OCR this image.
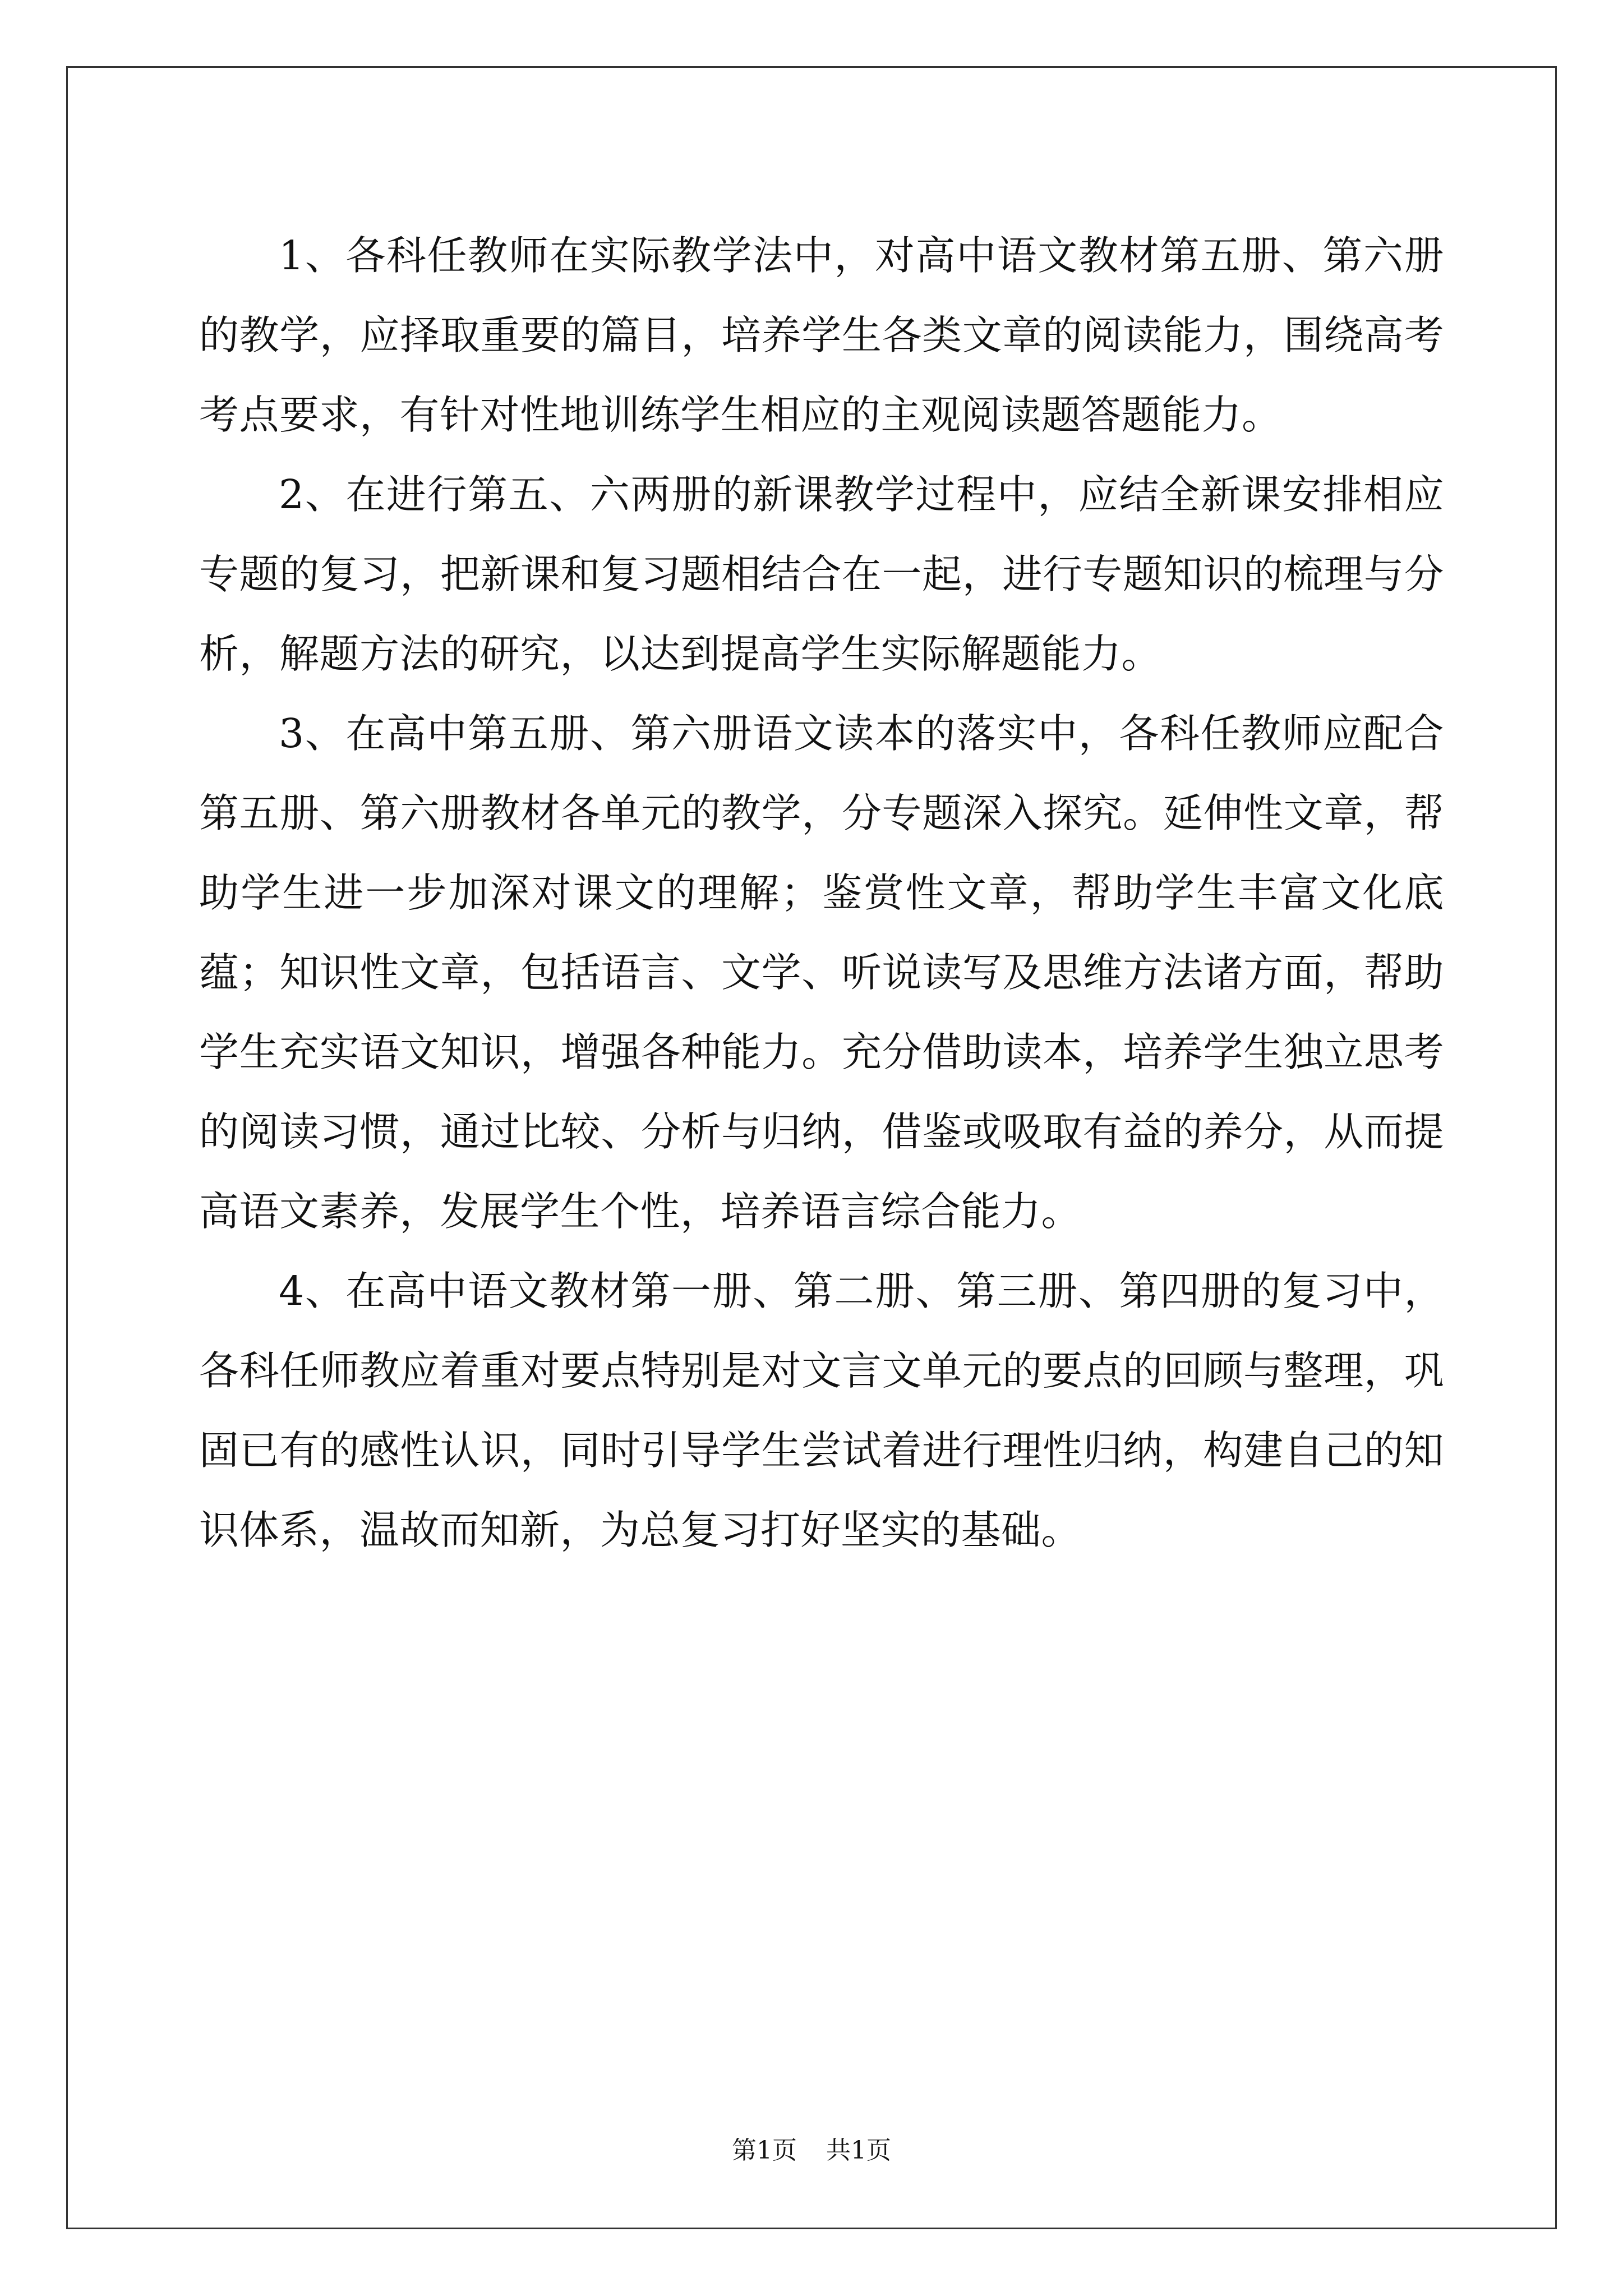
1、各科任教师在实际教学法中，对高中语文教材第五册、第六册的教学，应择取重要的篇目，培养学生各类文章的阅读能力，围绕高考考点要求，有针对性地训练学生相应的主观阅读题答题能力。

2、在进行第五、六两册的新课教学过程中，应结全新课安排相应专题的复习，把新课和复习题相结合在一起，进行专题知识的梳理与分析，解题方法的研究，以达到提高学生实际解题能力。

3、在高中第五册、第六册语文读本的落实中，各科任教师应配合第五册、第六册教材各单元的教学，分专题深入探究。延伸性文章，帮助学生进一步加深对课文的理解；鉴赏性文章，帮助学生丰富文化底蕴；知识性文章，包括语言、文学、听说读写及思维方法诸方面，帮助学生充实语文知识，增强各种能力。充分借助读本，培养学生独立思考的阅读习惯，通过比较、分析与归纳，借鉴或吸取有益的养分，从而提高语文素养，发展学生个性，培养语言综合能力。

4、在高中语文教材第一册、第二册、第三册、第四册的复习中，各科任师教应着重对要点特别是对文言文单元的要点的回顾与整理，巩固已有的感性认识，同时引导学生尝试着进行理性归纳，构建自己的知识体系，温故而知新，为总复习打好坚实的基础。

第1页 共1页
